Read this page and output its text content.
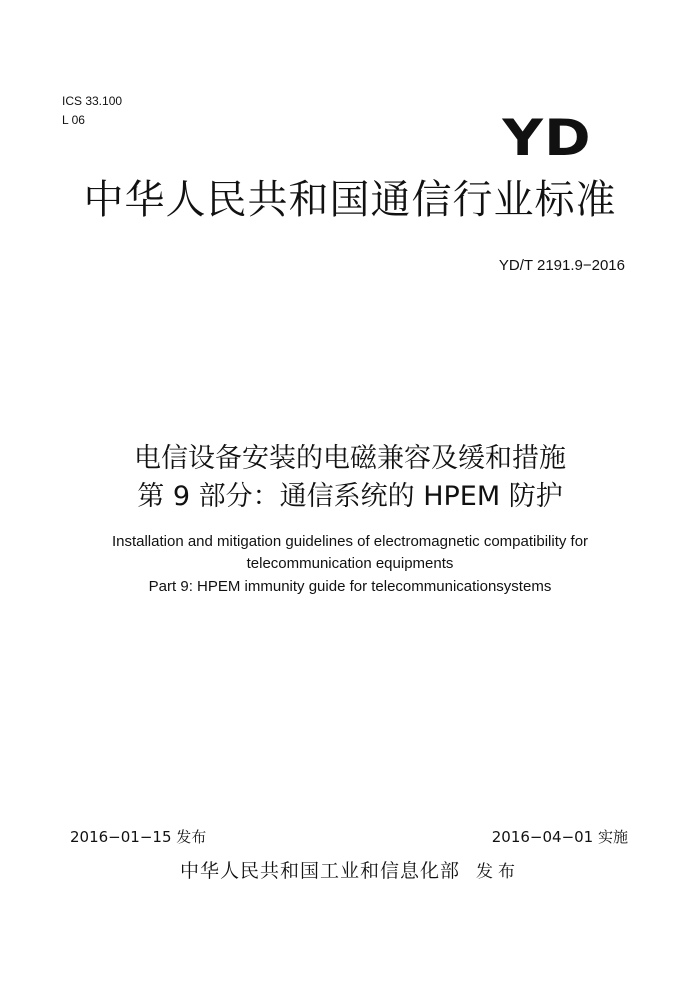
ICS 33.100
L 06	YD
中华人民共和国通信行业标准
YD/T 2191.9−2016
电信设备安装的电磁兼容及缓和措施
第 9 部分：通信系统的 HPEM 防护
Installation and mitigation guidelines of electromagnetic compatibility for
telecommunication equipments
Part 9: HPEM immunity guide for telecommunicationsystems
2016−01−15 发布	2016−04−01 实施
中华人民共和国工业和信息化部 发布
